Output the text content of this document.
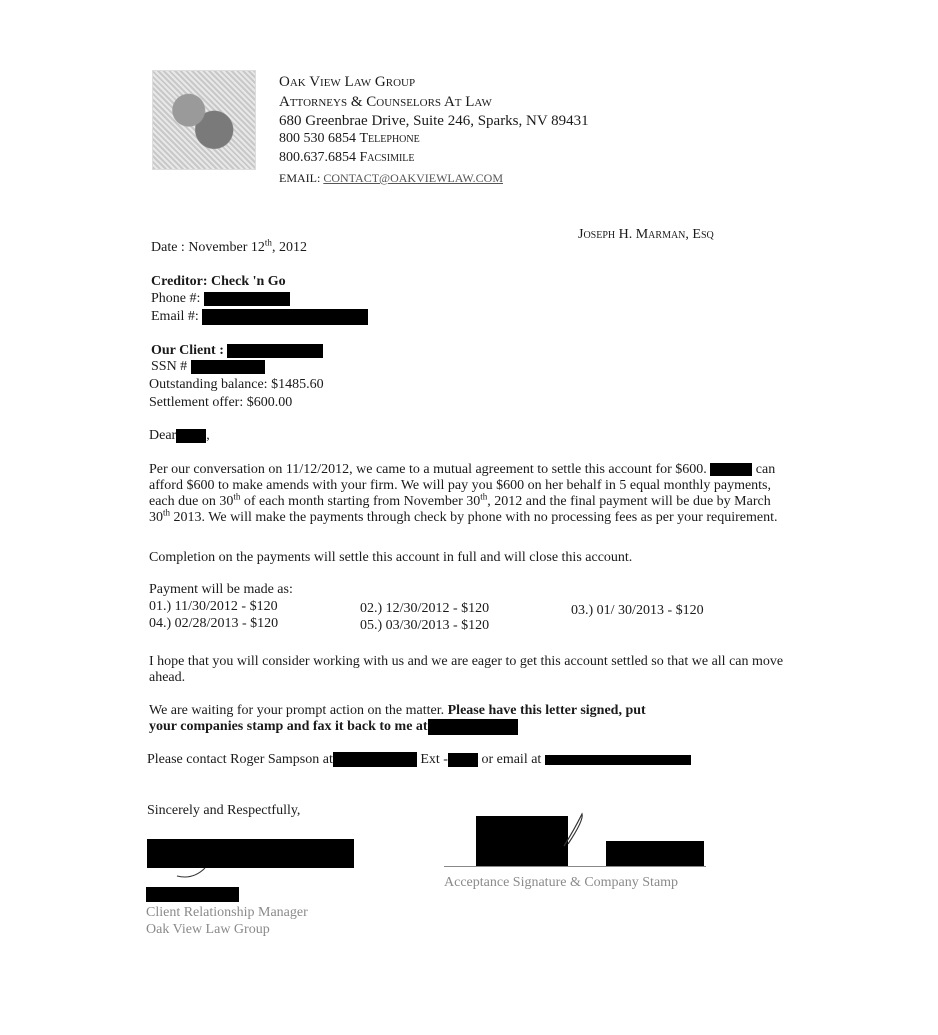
Oak View Law Group
Attorneys & Counselors At Law
680 Greenbrae Drive, Suite 246, Sparks, NV 89431
800 530 6854 Telephone
800.637.6854 Facsimile
EMAIL: CONTACT@OAKVIEWLAW.COM
Joseph H. Marman, Esq
Date : November 12th, 2012
Creditor: Check 'n Go
Phone #:
Email #:
Our Client :
SSN #
Outstanding balance: $1485.60
Settlement offer: $600.00
Dear ,
Per our conversation on 11/12/2012, we came to a mutual agreement to settle this account for $600.	can afford $600 to make amends with your firm. We will pay you $600 on her behalf in 5 equal monthly payments, each due on 30th of each month starting from November 30th, 2012 and the final payment will be due by March 30th 2013. We will make the payments through check by phone with no processing fees as per your requirement.
Completion on the payments will settle this account in full and will close this account.
Payment will be made as:
01.) 11/30/2012 - $120	02.) 12/30/2012 - $120	03.) 01/ 30/2013 - $120
04.) 02/28/2013 - $120	05.) 03/30/2013 - $120
I hope that you will consider working with us and we are eager to get this account settled so that we all can move ahead.
We are waiting for your prompt action on the matter. Please have this letter signed, put
your companies stamp and fax it back to me at
Please contact Roger Sampson at	Ext - or email at
Sincerely and Respectfully,
Client Relationship Manager
Oak View Law Group
Acceptance Signature & Company Stamp
